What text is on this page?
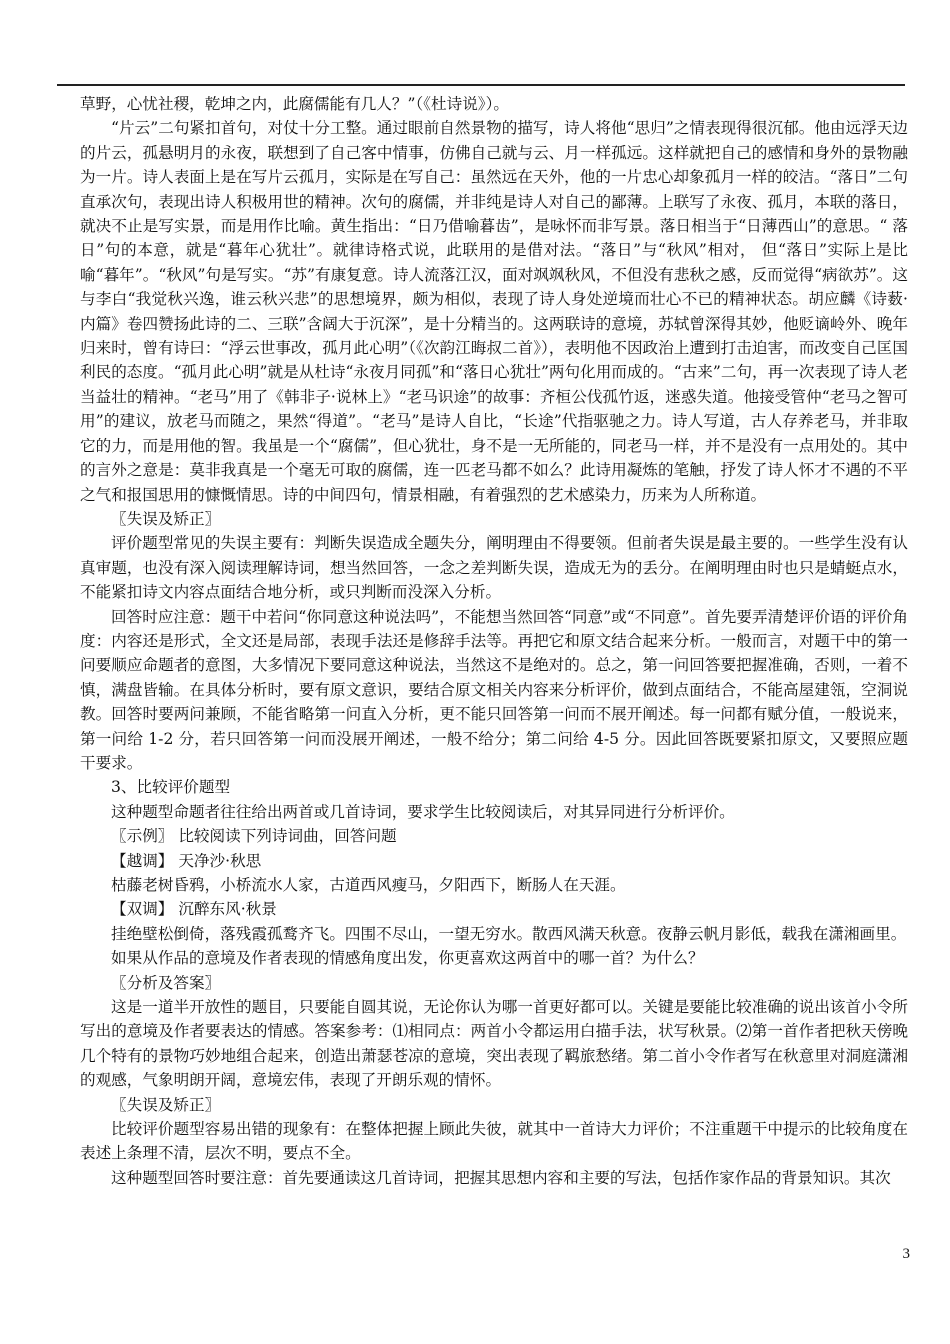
草野，心忧社稷，乾坤之内，此腐儒能有几人？”（《杜诗说》）。

“片云”二句紧扣首句，对仗十分工整。通过眼前自然景物的描写，诗人将他“思归”之情表现得很沉郁。他由远浮天边的片云，孤悬明月的永夜，联想到了自己客中情事，仿佛自己就与云、月一样孤远。这样就把自己的感情和身外的景物融为一片。诗人表面上是在写片云孤月，实际是在写自己：虽然远在天外，他的一片忠心却象孤月一样的皎洁。“落日”二句直承次句，表现出诗人积极用世的精神。次句的腐儒，并非纯是诗人对自己的鄙薄。上联写了永夜、孤月，本联的落日，就决不止是写实景，而是用作比喻。黄生指出：“日乃借喻暮齿”，是咏怀而非写景。落日相当于“日薄西山”的意思。“ 落日”句的本意，就是“暮年心犹壮”。就律诗格式说，此联用的是借对法。“落日”与“秋风”相对， 但“落日”实际上是比喻“暮年”。“秋风”句是写实。“苏”有康复意。诗人流落江汉，面对飒飒秋风，不但没有悲秋之感，反而觉得“病欲苏”。这与李白“我觉秋兴逸，谁云秋兴悲”的思想境界，颇为相似，表现了诗人身处逆境而壮心不已的精神状态。胡应麟《诗薮·内篇》卷四赞扬此诗的二、三联”含阔大于沉深”，是十分精当的。这两联诗的意境，苏轼曾深得其妙，他贬谪岭外、晚年归来时，曾有诗曰：“浮云世事改，孤月此心明”（《次韵江晦叔二首》），表明他不因政治上遭到打击迫害，而改变自己匡国利民的态度。“孤月此心明”就是从杜诗“永夜月同孤”和“落日心犹壮”两句化用而成的。“古来”二句，再一次表现了诗人老当益壮的精神。“老马”用了《韩非子·说林上》“老马识途”的故事：齐桓公伐孤竹返，迷惑失道。他接受管仲“老马之智可用”的建议，放老马而随之，果然“得道”。“老马”是诗人自比，“长途”代指驱驰之力。诗人写道，古人存养老马，并非取它的力，而是用他的智。我虽是一个“腐儒”，但心犹壮，身不是一无所能的，同老马一样，并不是没有一点用处的。其中的言外之意是：莫非我真是一个毫无可取的腐儒，连一匹老马都不如么？此诗用凝炼的笔触，抒发了诗人怀才不遇的不平之气和报国思用的慷慨情思。诗的中间四句，情景相融，有着强烈的艺术感染力，历来为人所称道。

〖失误及矫正〗

评价题型常见的失误主要有：判断失误造成全题失分，阐明理由不得要领。但前者失误是最主要的。一些学生没有认真审题，也没有深入阅读理解诗词，想当然回答，一念之差判断失误，造成无为的丢分。在阐明理由时也只是蜻蜓点水，不能紧扣诗文内容点面结合地分析，或只判断而没深入分析。

回答时应注意：题干中若问“你同意这种说法吗”，不能想当然回答“同意”或“不同意”。首先要弄清楚评价语的评价角度：内容还是形式，全文还是局部，表现手法还是修辞手法等。再把它和原文结合起来分析。一般而言，对题干中的第一问要顺应命题者的意图，大多情况下要同意这种说法，当然这不是绝对的。总之，第一问回答要把握准确，否则，一着不慎，满盘皆输。在具体分析时，要有原文意识，要结合原文相关内容来分析评价，做到点面结合，不能高屋建瓴，空洞说教。回答时要两问兼顾，不能省略第一问直入分析，更不能只回答第一问而不展开阐述。每一问都有赋分值，一般说来，第一问给 1-2 分，若只回答第一问而没展开阐述，一般不给分；第二问给 4-5 分。因此回答既要紧扣原文，又要照应题干要求。

3、比较评价题型

这种题型命题者往往给出两首或几首诗词，要求学生比较阅读后，对其异同进行分析评价。

〖示例〗 比较阅读下列诗词曲，回答问题

【越调】 天净沙·秋思

枯藤老树昏鸦，小桥流水人家，古道西风瘦马，夕阳西下，断肠人在天涯。

【双调】 沉醉东风·秋景

挂绝壁松倒倚，落残霞孤鹜齐飞。四围不尽山，一望无穷水。散西风满天秋意。夜静云帆月影低，载我在潇湘画里。

如果从作品的意境及作者表现的情感角度出发，你更喜欢这两首中的哪一首？为什么？

〖分析及答案〗

这是一道半开放性的题目，只要能自圆其说，无论你认为哪一首更好都可以。关键是要能比较准确的说出该首小令所写出的意境及作者要表达的情感。答案参考：⑴相同点：两首小令都运用白描手法，状写秋景。⑵第一首作者把秋天傍晚几个特有的景物巧妙地组合起来，创造出萧瑟苍凉的意境，突出表现了羁旅愁绪。第二首小令作者写在秋意里对洞庭潇湘的观感，气象明朗开阔，意境宏伟，表现了开朗乐观的情怀。

〖失误及矫正〗

比较评价题型容易出错的现象有：在整体把握上顾此失彼，就其中一首诗大力评价；不注重题干中提示的比较角度在表述上条理不清，层次不明，要点不全。

这种题型回答时要注意：首先要通读这几首诗词，把握其思想内容和主要的写法，包括作家作品的背景知识。其次

3
